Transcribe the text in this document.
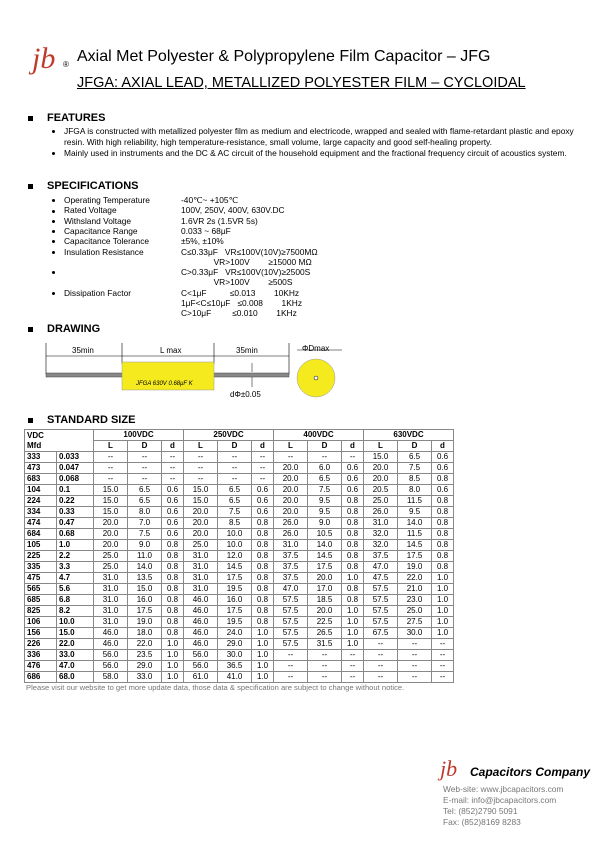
jb ® Axial Met Polyester & Polypropylene Film Capacitor – JFG
JFGA: AXIAL LEAD, METALLIZED POLYESTER FILM – CYCLOIDAL
FEATURES
JFGA is constructed with metallized polyester film as medium and electricode, wrapped and sealed with flame-retardant plastic and epoxy resin. With high reliability, high temperature-resistance, small volume, large capacity and good self-healing property.
Mainly used in instruments and the DC & AC circuit of the household equipment and the fractional frequency circuit of acoustics system.
SPECIFICATIONS
Operating Temperature	-40℃~ +105℃
Rated Voltage	100V, 250V, 400V, 630V.DC
Withsland Voltage	1.6VR 2s (1.5VR 5s)
Capacitance Range	0.033 ~ 68μF
Capacitance Tolerance	±5%, ±10%
Insulation Resistance	C≤0.33μF   VR≤100V(10V)≥7500MΩ
VR>100V        ≥15000 MΩ
C>0.33μF   VR≤100V(10V)≥2500S
VR>100V        ≥500S
Dissipation Factor	C<1μF          ≤0.013        10KHz
1μF<C≤10μF   ≤0.008        1KHz
C>10μF         ≤0.010        1KHz
DRAWING
35min	L max	35min
JFGA 630V 0.68μF K
dΦ±0.05
ΦDmax
STANDARD SIZE
VDC
Mfd		100VDC			250VDC			400VDC			630VDC		
		L	D	d	L	D	d	L	D	d	L	D	d
333	0.033	--	--	--	--	--	--	--	--	--	15.0	6.5	0.6
473	0.047	--	--	--	--	--	--	20.0	6.0	0.6	20.0	7.5	0.6
683	0.068	--	--	--	--	--	--	20.0	6.5	0.6	20.0	8.5	0.8
104	0.1	15.0	6.5	0.6	15.0	6.5	0.6	20.0	7.5	0.6	20.5	8.0	0.6
224	0.22	15.0	6.5	0.6	15.0	6.5	0.6	20.0	9.5	0.8	25.0	11.5	0.8
334	0.33	15.0	8.0	0.6	20.0	7.5	0.6	20.0	9.5	0.8	26.0	9.5	0.8
474	0.47	20.0	7.0	0.6	20.0	8.5	0.8	26.0	9.0	0.8	31.0	14.0	0.8
684	0.68	20.0	7.5	0.6	20.0	10.0	0.8	26.0	10.5	0.8	32.0	11.5	0.8
105	1.0	20.0	9.0	0.8	25.0	10.0	0.8	31.0	14.0	0.8	32.0	14.5	0.8
225	2.2	25.0	11.0	0.8	31.0	12.0	0.8	37.5	14.5	0.8	37.5	17.5	0.8
335	3.3	25.0	14.0	0.8	31.0	14.5	0.8	37.5	17.5	0.8	47.0	19.0	0.8
475	4.7	31.0	13.5	0.8	31.0	17.5	0.8	37.5	20.0	1.0	47.5	22.0	1.0
565	5.6	31.0	15.0	0.8	31.0	19.5	0.8	47.0	17.0	0.8	57.5	21.0	1.0
685	6.8	31.0	16.0	0.8	46.0	16.0	0.8	57.5	18.5	0.8	57.5	23.0	1.0
825	8.2	31.0	17.5	0.8	46.0	17.5	0.8	57.5	20.0	1.0	57.5	25.0	1.0
106	10.0	31.0	19.0	0.8	46.0	19.5	0.8	57.5	22.5	1.0	57.5	27.5	1.0
156	15.0	46.0	18.0	0.8	46.0	24.0	1.0	57.5	26.5	1.0	67.5	30.0	1.0
226	22.0	46.0	22.0	1.0	46.0	29.0	1.0	57.5	31.5	1.0	--	--	--
336	33.0	56.0	23.5	1.0	56.0	30.0	1.0	--	--	--	--	--	--
476	47.0	56.0	29.0	1.0	56.0	36.5	1.0	--	--	--	--	--	--
686	68.0	58.0	33.0	1.0	61.0	41.0	1.0	--	--	--	--	--	--
Please visit our website to get more update data, those data & specification are subject to change without notice.
jb Capacitors Company
Web-site: www.jbcapacitors.com
E-mail: info@jbcapacitors.com
Tel: (852)2790 5091
Fax: (852)8169 8283
